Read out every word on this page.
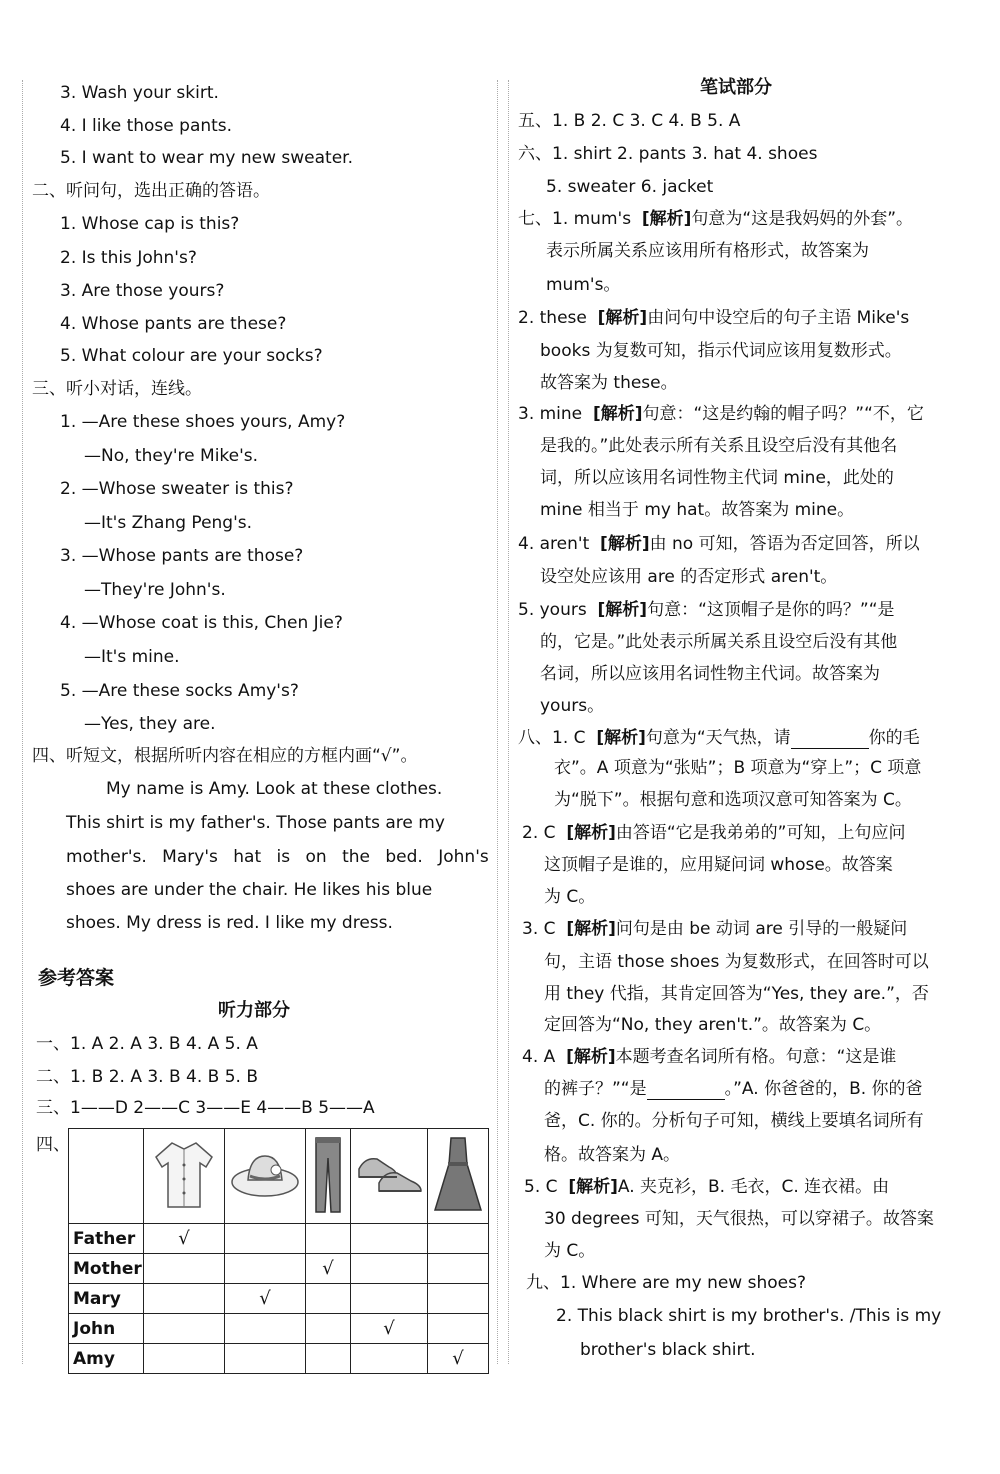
3. Wash your skirt.
4. I like those pants.
5. I want to wear my new sweater.
二、听问句，选出正确的答语。
1. Whose cap is this?
2. Is this John's?
3. Are those yours?
4. Whose pants are these?
5. What colour are your socks?
三、听小对话，连线。
1. —Are these shoes yours, Amy?
—No, they're Mike's.
2. —Whose sweater is this?
—It's Zhang Peng's.
3. —Whose pants are those?
—They're John's.
4. —Whose coat is this, Chen Jie?
—It's mine.
5. —Are these socks Amy's?
—Yes, they are.
四、听短文，根据所听内容在相应的方框内画“√”。
My name is Amy. Look at these clothes.
This shirt is my father's. Those pants are my
mother's. Mary's hat is on the bed. John's
shoes are under the chair. He likes his blue
shoes. My dress is red. I like my dress.
参考答案
听力部分
一、1. A 2. A 3. B 4. A 5. A
二、1. B 2. A 3. B 4. B 5. B
三、1——D 2——C 3——E 4——B 5——A
四、

Father	√				
Mother			√		
Mary		√			
John				√	
Amy					√
笔试部分
五、1. B 2. C 3. C 4. B 5. A
六、1. shirt 2. pants 3. hat 4. shoes
5. sweater 6. jacket
七、1. mum's [解析]句意为“这是我妈妈的外套”。
表示所属关系应该用所有格形式，故答案为
mum's。
2. these [解析]由问句中设空后的句子主语 Mike's
books 为复数可知，指示代词应该用复数形式。
故答案为 these。
3. mine [解析]句意：“这是约翰的帽子吗？”“不，它
是我的。”此处表示所有关系且设空后没有其他名
词，所以应该用名词性物主代词 mine，此处的
mine 相当于 my hat。故答案为 mine。
4. aren't [解析]由 no 可知，答语为否定回答，所以
设空处应该用 are 的否定形式 aren't。
5. yours [解析]句意：“这顶帽子是你的吗？”“是
的，它是。”此处表示所属关系且设空后没有其他
名词，所以应该用名词性物主代词。故答案为
yours。
八、1. C [解析]句意为“天气热，请	你的毛
衣”。A 项意为“张贴”；B 项意为“穿上”；C 项意
为“脱下”。根据句意和选项汉意可知答案为 C。
2. C [解析]由答语“它是我弟弟的”可知，上句应问
这顶帽子是谁的，应用疑问词 whose。故答案
为 C。
3. C [解析]问句是由 be 动词 are 引导的一般疑问
句，主语 those shoes 为复数形式，在回答时可以
用 they 代指，其肯定回答为“Yes, they are.”，否
定回答为“No, they aren't.”。故答案为 C。
4. A [解析]本题考查名词所有格。句意：“这是谁
的裤子？”“是	。”A. 你爸爸的，B. 你的爸
爸，C. 你的。分析句子可知，横线上要填名词所有
格。故答案为 A。
5. C [解析]A. 夹克衫，B. 毛衣，C. 连衣裙。由
30 degrees 可知，天气很热，可以穿裙子。故答案
为 C。
九、1. Where are my new shoes?
2. This black shirt is my brother's. /This is my
brother's black shirt.
